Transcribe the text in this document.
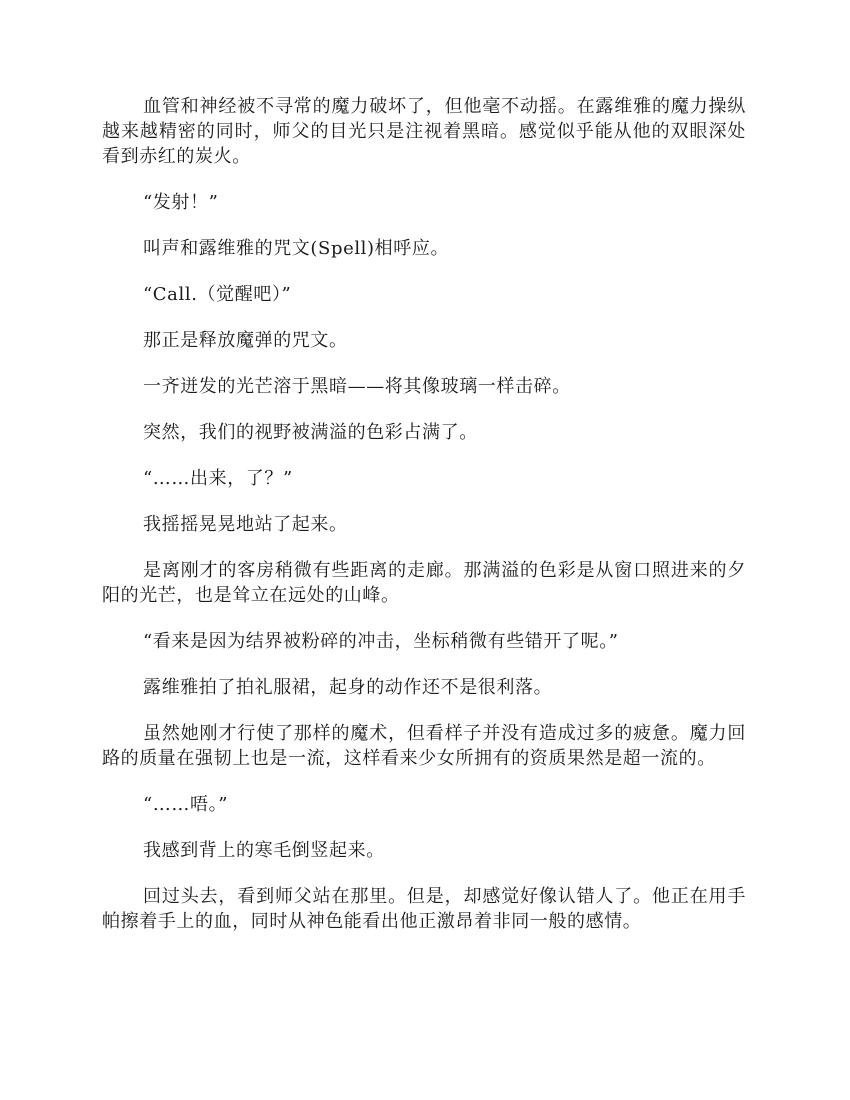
血管和神经被不寻常的魔力破坏了，但他毫不动摇。在露维雅的魔力操纵越来越精密的同时，师父的目光只是注视着黑暗。感觉似乎能从他的双眼深处看到赤红的炭火。

“发射！”

叫声和露维雅的咒文(Spell)相呼应。

“Call.（觉醒吧）”

那正是释放魔弹的咒文。

一齐迸发的光芒溶于黑暗——将其像玻璃一样击碎。

突然，我们的视野被满溢的色彩占满了。

“……出来，了？”

我摇摇晃晃地站了起来。

是离刚才的客房稍微有些距离的走廊。那满溢的色彩是从窗口照进来的夕阳的光芒，也是耸立在远处的山峰。

“看来是因为结界被粉碎的冲击，坐标稍微有些错开了呢。”

露维雅拍了拍礼服裙，起身的动作还不是很利落。

虽然她刚才行使了那样的魔术，但看样子并没有造成过多的疲惫。魔力回路的质量在强韧上也是一流，这样看来少女所拥有的资质果然是超一流的。

“……唔。”

我感到背上的寒毛倒竖起来。

回过头去，看到师父站在那里。但是，却感觉好像认错人了。他正在用手帕擦着手上的血，同时从神色能看出他正激昂着非同一般的感情。
